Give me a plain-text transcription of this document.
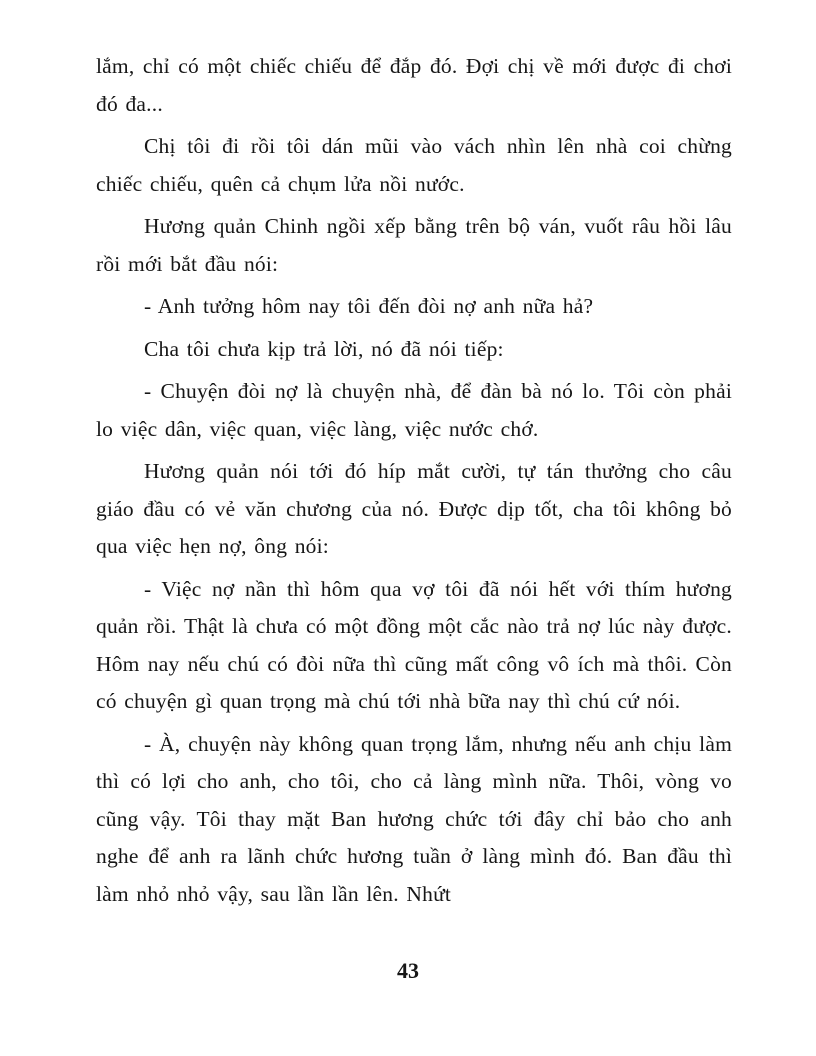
lắm, chỉ có một chiếc chiếu để đắp đó. Đợi chị về mới được đi chơi đó đa...

Chị tôi đi rồi tôi dán mũi vào vách nhìn lên nhà coi chừng chiếc chiếu, quên cả chụm lửa nồi nước.

Hương quản Chinh ngồi xếp bằng trên bộ ván, vuốt râu hồi lâu rồi mới bắt đầu nói:

- Anh tưởng hôm nay tôi đến đòi nợ anh nữa hả?

Cha tôi chưa kịp trả lời, nó đã nói tiếp:

- Chuyện đòi nợ là chuyện nhà, để đàn bà nó lo. Tôi còn phải lo việc dân, việc quan, việc làng, việc nước chớ.

Hương quản nói tới đó híp mắt cười, tự tán thưởng cho câu giáo đầu có vẻ văn chương của nó. Được dịp tốt, cha tôi không bỏ qua việc hẹn nợ, ông nói:

- Việc nợ nần thì hôm qua vợ tôi đã nói hết với thím hương quản rồi. Thật là chưa có một đồng một cắc nào trả nợ lúc này được. Hôm nay nếu chú có đòi nữa thì cũng mất công vô ích mà thôi. Còn có chuyện gì quan trọng mà chú tới nhà bữa nay thì chú cứ nói.

- À, chuyện này không quan trọng lắm, nhưng nếu anh chịu làm thì có lợi cho anh, cho tôi, cho cả làng mình nữa. Thôi, vòng vo cũng vậy. Tôi thay mặt Ban hương chức tới đây chỉ bảo cho anh nghe để anh ra lãnh chức hương tuần ở làng mình đó. Ban đầu thì làm nhỏ nhỏ vậy, sau lần lần lên. Nhứt

43
